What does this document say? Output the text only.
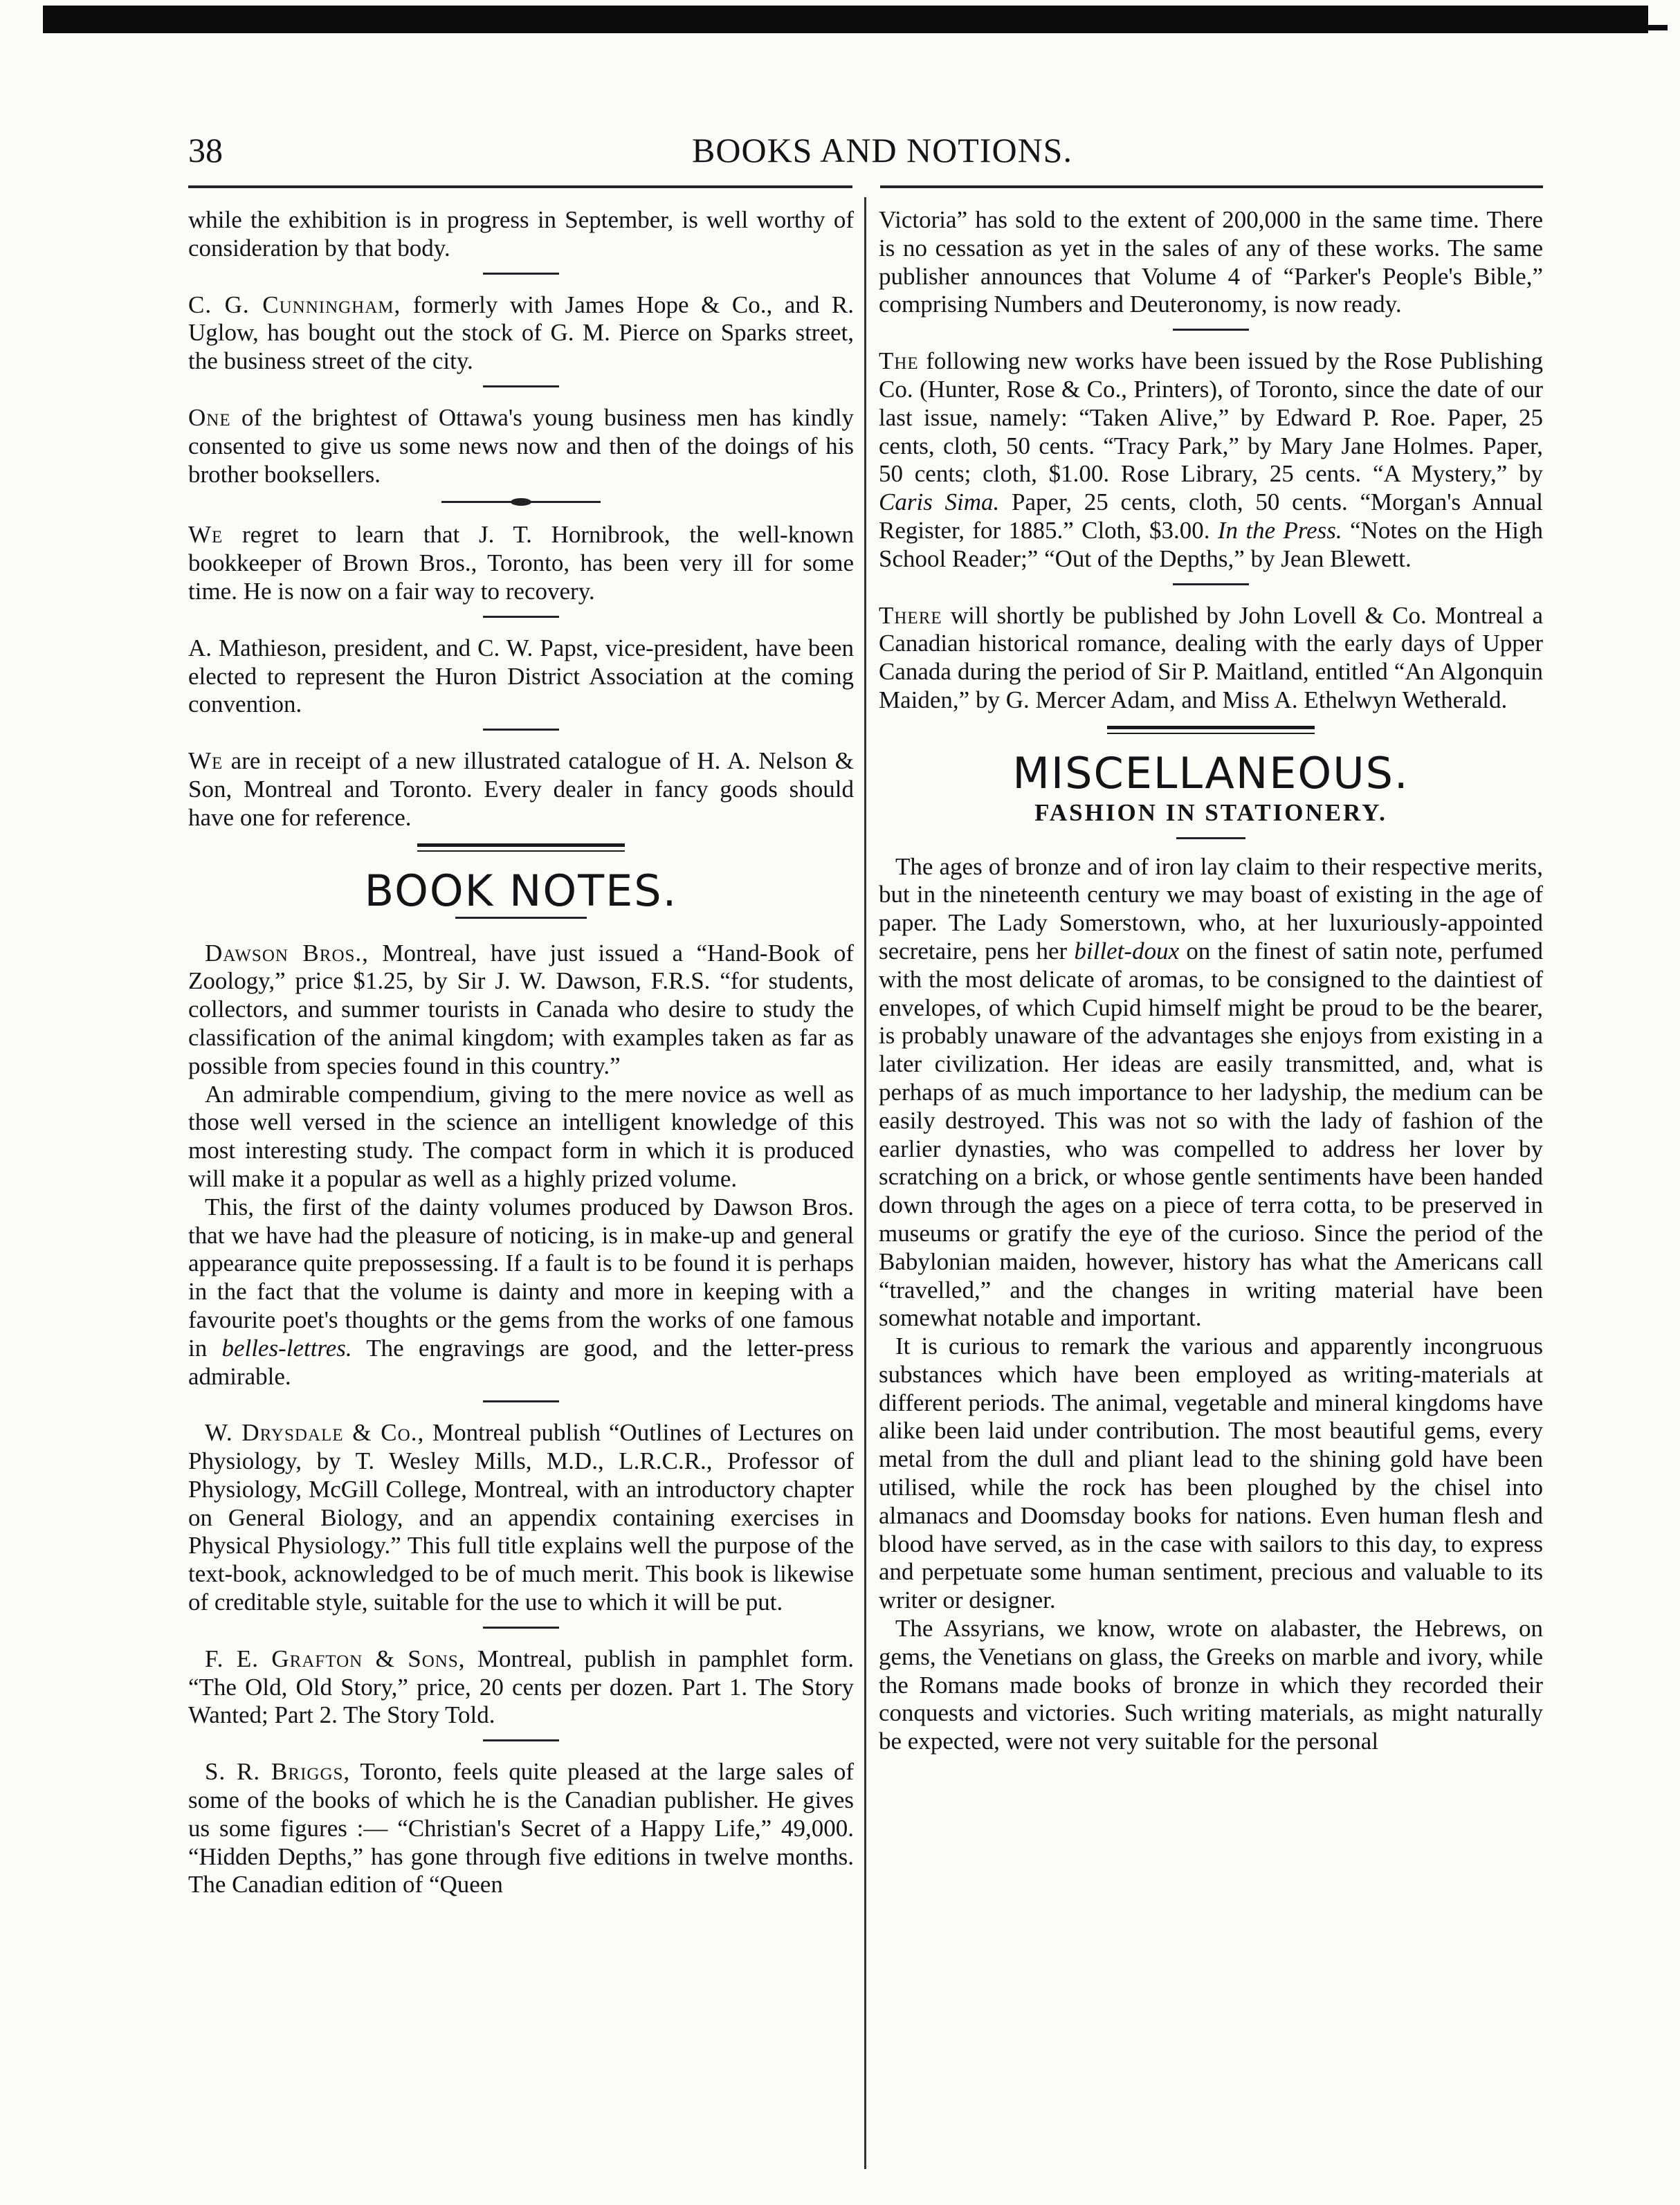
38	BOOKS AND NOTIONS.

while the exhibition is in progress in September, is well worthy of consideration by that body.

C. G. Cunningham, formerly with James Hope & Co., and R. Uglow, has bought out the stock of G. M. Pierce on Sparks street, the business street of the city.

One of the brightest of Ottawa's young business men has kindly consented to give us some news now and then of the doings of his brother booksellers.

We regret to learn that J. T. Hornibrook, the well-known bookkeeper of Brown Bros., Toronto, has been very ill for some time. He is now on a fair way to recovery.

A. Mathieson, president, and C. W. Papst, vice-president, have been elected to represent the Huron District Association at the coming convention.

We are in receipt of a new illustrated catalogue of H. A. Nelson & Son, Montreal and Toronto. Every dealer in fancy goods should have one for reference.

BOOK NOTES.

Dawson Bros., Montreal, have just issued a “Hand-Book of Zoology,” price $1.25, by Sir J. W. Dawson, F.R.S. “for students, collectors, and summer tourists in Canada who desire to study the classification of the animal kingdom; with examples taken as far as possible from species found in this country.”

An admirable compendium, giving to the mere novice as well as those well versed in the science an intelligent knowledge of this most interesting study. The compact form in which it is produced will make it a popular as well as a highly prized volume.

This, the first of the dainty volumes produced by Dawson Bros. that we have had the pleasure of noticing, is in make-up and general appearance quite prepossessing. If a fault is to be found it is perhaps in the fact that the volume is dainty and more in keeping with a favourite poet's thoughts or the gems from the works of one famous in belles-lettres. The engravings are good, and the letter-press admirable.

W. Drysdale & Co., Montreal publish “Outlines of Lectures on Physiology, by T. Wesley Mills, M.D., L.R.C.R., Professor of Physiology, McGill College, Montreal, with an introductory chapter on General Biology, and an appendix containing exercises in Physical Physiology.” This full title explains well the purpose of the text-book, acknowledged to be of much merit. This book is likewise of creditable style, suitable for the use to which it will be put.

F. E. Grafton & Sons, Montreal, publish in pamphlet form. “The Old, Old Story,” price, 20 cents per dozen. Part 1. The Story Wanted; Part 2. The Story Told.

S. R. Briggs, Toronto, feels quite pleased at the large sales of some of the books of which he is the Canadian publisher. He gives us some figures :— “Christian's Secret of a Happy Life,” 49,000. “Hidden Depths,” has gone through five editions in twelve months. The Canadian edition of “Queen

Victoria” has sold to the extent of 200,000 in the same time. There is no cessation as yet in the sales of any of these works. The same publisher announces that Volume 4 of “Parker's People's Bible,” comprising Numbers and Deuteronomy, is now ready.

The following new works have been issued by the Rose Publishing Co. (Hunter, Rose & Co., Printers), of Toronto, since the date of our last issue, namely: “Taken Alive,” by Edward P. Roe. Paper, 25 cents, cloth, 50 cents. “Tracy Park,” by Mary Jane Holmes. Paper, 50 cents; cloth, $1.00. Rose Library, 25 cents. “A Mystery,” by Caris Sima. Paper, 25 cents, cloth, 50 cents. “Morgan's Annual Register, for 1885.” Cloth, $3.00. In the Press. “Notes on the High School Reader;” “Out of the Depths,” by Jean Blewett.

There will shortly be published by John Lovell & Co. Montreal a Canadian historical romance, dealing with the early days of Upper Canada during the period of Sir P. Maitland, entitled “An Algonquin Maiden,” by G. Mercer Adam, and Miss A. Ethelwyn Wetherald.

MISCELLANEOUS.
FASHION IN STATIONERY.

The ages of bronze and of iron lay claim to their respective merits, but in the nineteenth century we may boast of existing in the age of paper. The Lady Somerstown, who, at her luxuriously-appointed secretaire, pens her billet-doux on the finest of satin note, perfumed with the most delicate of aromas, to be consigned to the daintiest of envelopes, of which Cupid himself might be proud to be the bearer, is probably unaware of the advantages she enjoys from existing in a later civilization. Her ideas are easily transmitted, and, what is perhaps of as much importance to her ladyship, the medium can be easily destroyed. This was not so with the lady of fashion of the earlier dynasties, who was compelled to address her lover by scratching on a brick, or whose gentle sentiments have been handed down through the ages on a piece of terra cotta, to be preserved in museums or gratify the eye of the curioso. Since the period of the Babylonian maiden, however, history has what the Americans call “travelled,” and the changes in writing material have been somewhat notable and important.

It is curious to remark the various and apparently incongruous substances which have been employed as writing-materials at different periods. The animal, vegetable and mineral kingdoms have alike been laid under contribution. The most beautiful gems, every metal from the dull and pliant lead to the shining gold have been utilised, while the rock has been ploughed by the chisel into almanacs and Doomsday books for nations. Even human flesh and blood have served, as in the case with sailors to this day, to express and perpetuate some human sentiment, precious and valuable to its writer or designer.

The Assyrians, we know, wrote on alabaster, the Hebrews, on gems, the Venetians on glass, the Greeks on marble and ivory, while the Romans made books of bronze in which they recorded their conquests and victories. Such writing materials, as might naturally be expected, were not very suitable for the personal
